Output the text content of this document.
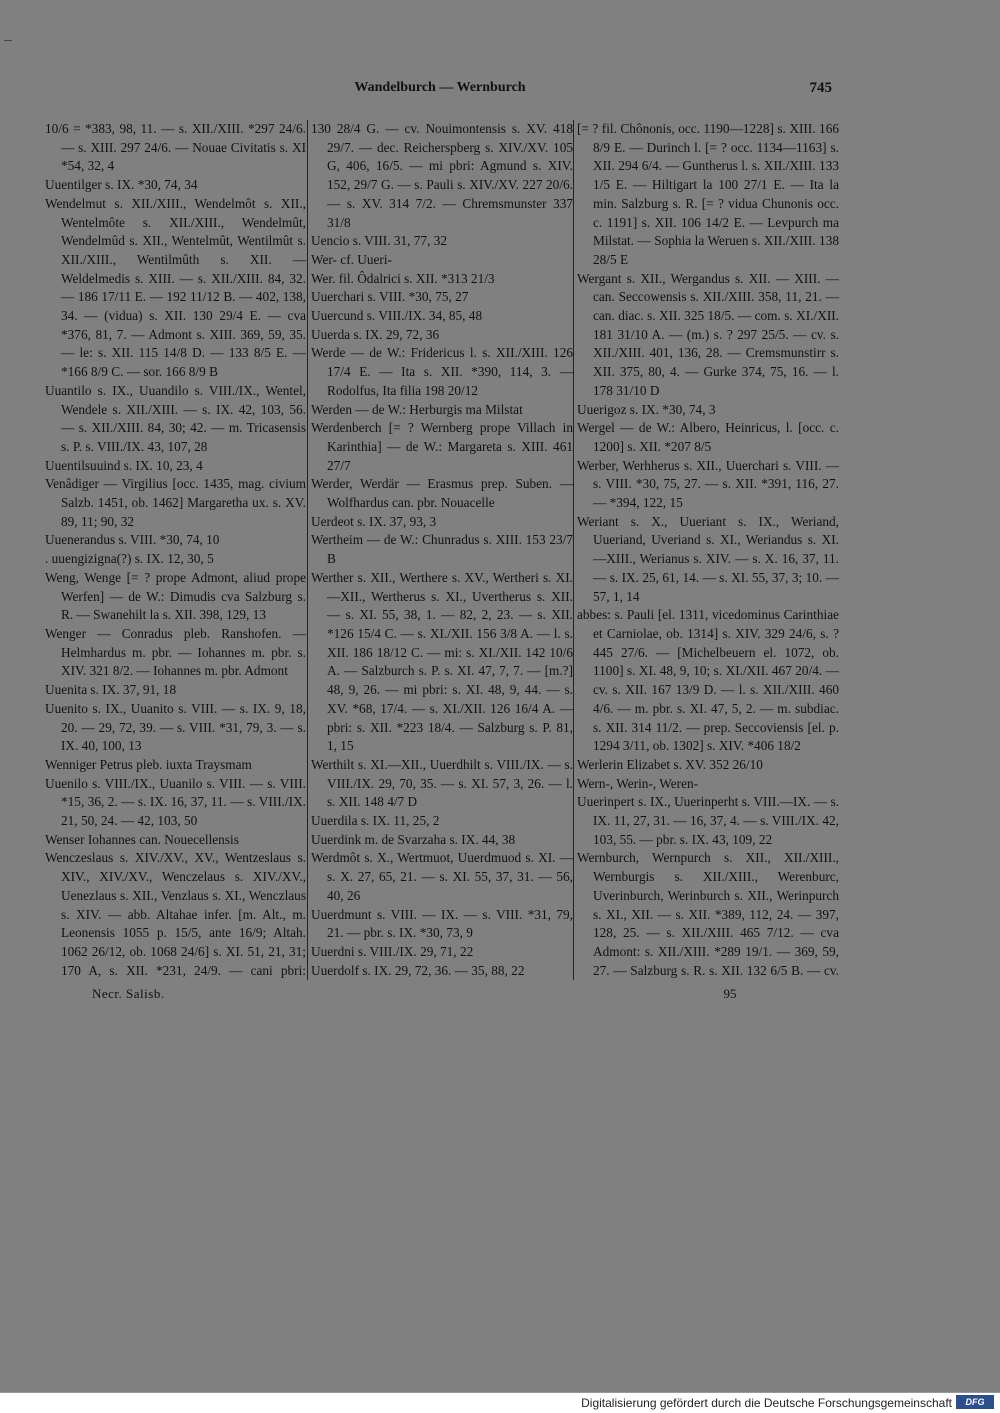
Wandelburch — Wernburch	745

10/6 = *383, 98, 11. — s. XII./XIII. *297 24/6. — s. XIII. 297 24/6. — Nouae Civitatis s. XI *54, 32, 4

Uuentilger s. IX. *30, 74, 34

Wendelmut s. XII./XIII., Wendelmôt s. XII., Wentelmôte s. XII./XIII., Wendelmût, Wendelmûd s. XII., Wentelmût, Wentilmût s. XII./XIII., Wentilmûth s. XII. — Weldelmedis s. XIII. — s. XII./XIII. 84, 32. — 186 17/11 E. — 192 11/12 B. — 402, 138, 34. — (vidua) s. XII. 130 29/4 E. — cva *376, 81, 7. — Admont s. XIII. 369, 59, 35. — le: s. XII. 115 14/8 D. — 133 8/5 E. — *166 8/9 C. — sor. 166 8/9 B

Uuantilo s. IX., Uuandilo s. VIII./IX., Wentel, Wendele s. XII./XIII. — s. IX. 42, 103, 56. — s. XII./XIII. 84, 30; 42. — m. Tricasensis s. P. s. VIII./IX. 43, 107, 28

Uuentilsuuind s. IX. 10, 23, 4

Venâdiger — Virgilius [occ. 1435, mag. civium Salzb. 1451, ob. 1462] Margaretha ux. s. XV. 89, 11; 90, 32

Uuenerandus s. VIII. *30, 74, 10

. uuengizigna(?) s. IX. 12, 30, 5

Weng, Wenge [= ? prope Admont, aliud prope Werfen] — de W.: Dimudis cva Salzburg s. R. — Swanehilt la s. XII. 398, 129, 13

Wenger — Conradus pleb. Ranshofen. — Helmhardus m. pbr. — Iohannes m. pbr. s. XIV. 321 8/2. — Iohannes m. pbr. Admont

Uuenita s. IX. 37, 91, 18

Uuenito s. IX., Uuanito s. VIII. — s. IX. 9, 18, 20. — 29, 72, 39. — s. VIII. *31, 79, 3. — s. IX. 40, 100, 13

Wenniger Petrus pleb. iuxta Traysmam

Uuenilo s. VIII./IX., Uuanilo s. VIII. — s. VIII. *15, 36, 2. — s. IX. 16, 37, 11. — s. VIII./IX. 21, 50, 24. — 42, 103, 50

Wenser Iohannes can. Nouecellensis

Wenczeslaus s. XIV./XV., XV., Wentzeslaus s. XIV., XIV./XV., Wenczelaus s. XIV./XV., Uenezlaus s. XII., Venzlaus s. XI., Wenczlaus s. XIV. — abb. Altahae infer. [m. Alt., m. Leonensis 1055 p. 15/5, ante 16/9; Altah. 1062 26/12, ob. 1068 24/6] s. XI. 51, 21, 31; 170 A, s. XII. *231, 24/9. — cani pbri:

130 28/4 G. — cv. Nouimontensis s. XV. 418 29/7. — dec. Reicherspberg s. XIV./XV. 105 G, 406, 16/5. — mi pbri: Agmund s. XIV. 152, 29/7 G. — s. Pauli s. XIV./XV. 227 20/6. — s. XV. 314 7/2. — Chremsmunster 337 31/8

Uencio s. VIII. 31, 77, 32

Wer- cf. Uueri-

Wer. fil. Ôdalrici s. XII. *313 21/3

Uuerchari s. VIII. *30, 75, 27

Uuercund s. VIII./IX. 34, 85, 48

Uuerda s. IX. 29, 72, 36

Werde — de W.: Fridericus l. s. XII./XIII. 126 17/4 E. — Ita s. XII. *390, 114, 3. — Rodolfus, Ita filia 198 20/12

Werden — de W.: Herburgis ma Milstat

Werdenberch [= ? Wernberg prope Villach in Karinthia] — de W.: Margareta s. XIII. 461 27/7

Werder, Werdär — Erasmus prep. Suben. — Wolfhardus can. pbr. Nouacelle

Uerdeot s. IX. 37, 93, 3

Wertheim — de W.: Chunradus s. XIII. 153 23/7 B

Werther s. XII., Werthere s. XV., Wertheri s. XI.—XII., Wertherus s. XI., Uvertherus s. XII. — s. XI. 55, 38, 1. — 82, 2, 23. — s. XII. *126 15/4 C. — s. XI./XII. 156 3/8 A. — l. s. XII. 186 18/12 C. — mi: s. XI./XII. 142 10/6 A. — Salzburch s. P. s. XI. 47, 7, 7. — [m.?] 48, 9, 26. — mi pbri: s. XI. 48, 9, 44. — s. XV. *68, 17/4. — s. XI./XII. 126 16/4 A. — pbri: s. XII. *223 18/4. — Salzburg s. P. 81, 1, 15

Werthilt s. XI.—XII., Uuerdhilt s. VIII./IX. — s. VIII./IX. 29, 70, 35. — s. XI. 57, 3, 26. — l. s. XII. 148 4/7 D

Uuerdila s. IX. 11, 25, 2

Uuerdink m. de Svarzaha s. IX. 44, 38

Werdmôt s. X., Wertmuot, Uuerdmuod s. XI. — s. X. 27, 65, 21. — s. XI. 55, 37, 31. — 56, 40, 26

Uuerdmunt s. VIII. — IX. — s. VIII. *31, 79, 21. — pbr. s. IX. *30, 73, 9

Uuerdni s. VIII./IX. 29, 71, 22

Uuerdolf s. IX. 29, 72, 36. — 35, 88, 22

[= ? fil. Chônonis, occ. 1190—1228] s. XIII. 166 8/9 E. — Durinch l. [= ? occ. 1134—1163] s. XII. 294 6/4. — Guntherus l. s. XII./XIII. 133 1/5 E. — Hiltigart la 100 27/1 E. — Ita la min. Salzburg s. R. [= ? vidua Chunonis occ. c. 1191] s. XII. 106 14/2 E. — Levpurch ma Milstat. — Sophia la Weruen s. XII./XIII. 138 28/5 E

Wergant s. XII., Wergandus s. XII. — XIII. — can. Seccowensis s. XII./XIII. 358, 11, 21. — can. diac. s. XII. 325 18/5. — com. s. XI./XII. 181 31/10 A. — (m.) s. ? 297 25/5. — cv. s. XII./XIII. 401, 136, 28. — Cremsmunstirr s. XII. 375, 80, 4. — Gurke 374, 75, 16. — l. 178 31/10 D

Uuerigoz s. IX. *30, 74, 3

Wergel — de W.: Albero, Heinricus, l. [occ. c. 1200] s. XII. *207 8/5

Werber, Werhherus s. XII., Uuerchari s. VIII. — s. VIII. *30, 75, 27. — s. XII. *391, 116, 27. — *394, 122, 15

Weriant s. X., Uueriant s. IX., Weriand, Uueriand, Uveriand s. XI., Weriandus s. XI.—XIII., Werianus s. XIV. — s. X. 16, 37, 11. — s. IX. 25, 61, 14. — s. XI. 55, 37, 3; 10. — 57, 1, 14

abbes: s. Pauli [el. 1311, vicedominus Carinthiae et Carniolae, ob. 1314] s. XIV. 329 24/6, s. ? 445 27/6. — [Michelbeuern el. 1072, ob. 1100] s. XI. 48, 9, 10; s. XI./XII. 467 20/4. — cv. s. XII. 167 13/9 D. — l. s. XII./XIII. 460 4/6. — m. pbr. s. XI. 47, 5, 2. — m. subdiac. s. XII. 314 11/2. — prep. Seccoviensis [el. p. 1294 3/11, ob. 1302] s. XIV. *406 18/2

Werlerin Elizabet s. XV. 352 26/10

Wern-, Werin-, Weren-

Uuerinpert s. IX., Uuerinperht s. VIII.—IX. — s. IX. 11, 27, 31. — 16, 37, 4. — s. VIII./IX. 42, 103, 55. — pbr. s. IX. 43, 109, 22

Wernburch, Wernpurch s. XII., XII./XIII., Wernburgis s. XII./XIII., Werenburc, Uverinburch, Werinburch s. XII., Werinpurch s. XI., XII. — s. XII. *389, 112, 24. — 397, 128, 25. — s. XII./XIII. 465 7/12. — cva Admont: s. XII./XIII. *289 19/1. — 369, 59, 27. — Salzburg s. R. s. XII. 132 6/5 B. — cv.

Necr. Salisb.	95
Digitalisierung gefördert durch die Deutsche Forschungsgemeinschaft	DFG
